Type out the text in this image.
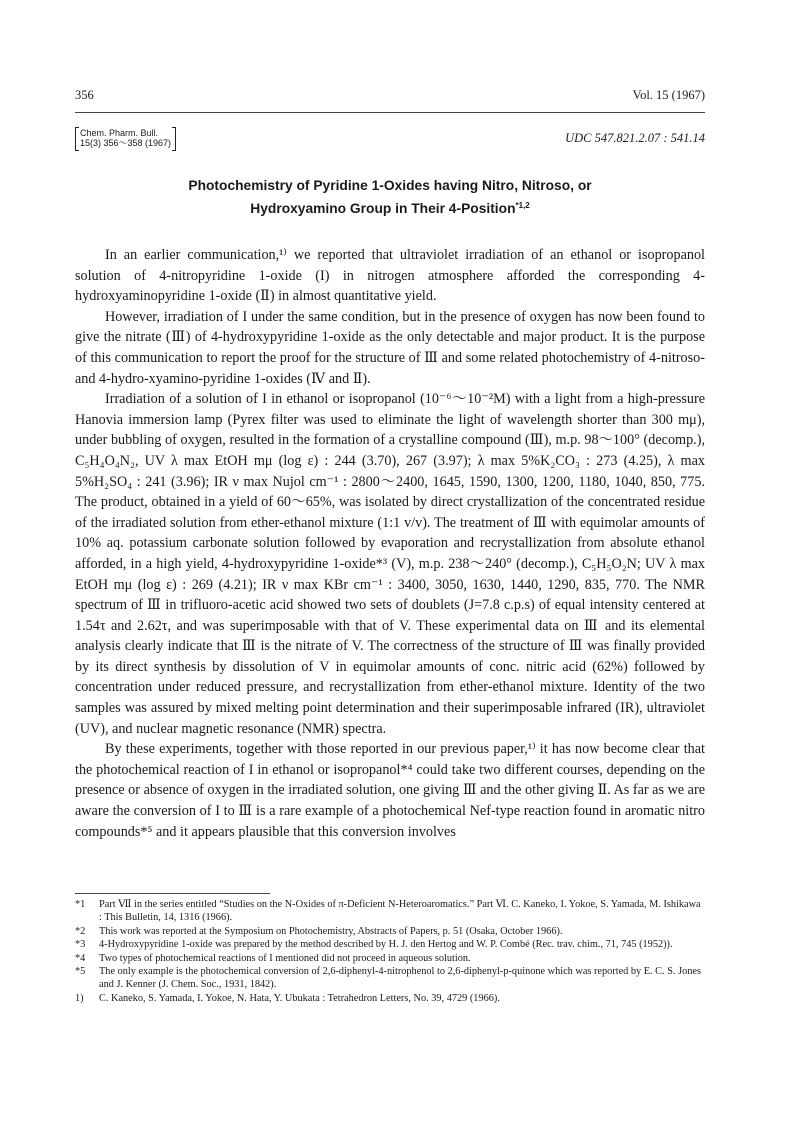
356	Vol. 15 (1967)
Chem. Pharm. Bull.
15(3) 356～358 (1967)	UDC 547.821.2.07 : 541.14
Photochemistry of Pyridine 1-Oxides having Nitro, Nitroso, or
Hydroxyamino Group in Their 4-Position$^{*1,2}$

In an earlier communication,¹⁾ we reported that ultraviolet irradiation of an ethanol or isopropanol solution of 4-nitropyridine 1-oxide (I) in nitrogen atmosphere afforded the corresponding 4-hydroxyaminopyridine 1-oxide (Ⅱ) in almost quantitative yield.

However, irradiation of I under the same condition, but in the presence of oxygen has now been found to give the nitrate (Ⅲ) of 4-hydroxypyridine 1-oxide as the only detectable and major product. It is the purpose of this communication to report the proof for the structure of Ⅲ and some related photochemistry of 4-nitroso- and 4-hydro-xyamino-pyridine 1-oxides (Ⅳ and Ⅱ).

Irradiation of a solution of I in ethanol or isopropanol (10⁻⁶～10⁻²M) with a light from a high-pressure Hanovia immersion lamp (Pyrex filter was used to eliminate the light of wavelength shorter than 300 mμ), under bubbling of oxygen, resulted in the formation of a crystalline compound (Ⅲ), m.p. 98～100° (decomp.), C₅H₄O₄N₂, UV λ max EtOH mμ (log ε) : 244 (3.70), 267 (3.97); λ max 5%K₂CO₃ : 273 (4.25), λ max 5%H₂SO₄ : 241 (3.96); IR ν max Nujol cm⁻¹ : 2800～2400, 1645, 1590, 1300, 1200, 1180, 1040, 850, 775. The product, obtained in a yield of 60～65%, was isolated by direct crystallization of the concentrated residue of the irradiated solution from ether-ethanol mixture (1:1 v/v). The treatment of Ⅲ with equimolar amounts of 10% aq. potassium carbonate solution followed by evaporation and recrystallization from absolute ethanol afforded, in a high yield, 4-hydroxypyridine 1-oxide*³ (V), m.p. 238～240° (decomp.), C₅H₅O₂N; UV λ max EtOH mμ (log ε) : 269 (4.21); IR ν max KBr cm⁻¹ : 3400, 3050, 1630, 1440, 1290, 835, 770. The NMR spectrum of Ⅲ in trifluoro-acetic acid showed two sets of doublets (J=7.8 c.p.s) of equal intensity centered at 1.54τ and 2.62τ, and was superimposable with that of V. These experimental data on Ⅲ and its elemental analysis clearly indicate that Ⅲ is the nitrate of V. The correctness of the structure of Ⅲ was finally provided by its direct synthesis by dissolution of V in equimolar amounts of conc. nitric acid (62%) followed by concentration under reduced pressure, and recrystallization from ether-ethanol mixture. Identity of the two samples was assured by mixed melting point determination and their superimposable infrared (IR), ultraviolet (UV), and nuclear magnetic resonance (NMR) spectra.

By these experiments, together with those reported in our previous paper,¹⁾ it has now become clear that the photochemical reaction of I in ethanol or isopropanol*⁴ could take two different courses, depending on the presence or absence of oxygen in the irradiated solution, one giving Ⅲ and the other giving Ⅱ. As far as we are aware the conversion of I to Ⅲ is a rare example of a photochemical Nef-type reaction found in aromatic nitro compounds*⁵ and it appears plausible that this conversion involves

*1 Part Ⅶ in the series entitled “Studies on the N-Oxides of π-Deficient N-Heteroaromatics.” Part Ⅵ. C. Kaneko, I. Yokoe, S. Yamada, M. Ishikawa : This Bulletin, 14, 1316 (1966).
*2 This work was reported at the Symposium on Photochemistry, Abstracts of Papers, p. 51 (Osaka, October 1966).
*3 4-Hydroxypyridine 1-oxide was prepared by the method described by H. J. den Hertog and W. P. Combé (Rec. trav. chim., 71, 745 (1952)).
*4 Two types of photochemical reactions of I mentioned did not proceed in aqueous solution.
*5 The only example is the photochemical conversion of 2,6-diphenyl-4-nitrophenol to 2,6-diphenyl-p-quinone which was reported by E. C. S. Jones and J. Kenner (J. Chem. Soc., 1931, 1842).
1) C. Kaneko, S. Yamada, I. Yokoe, N. Hata, Y. Ubukata : Tetrahedron Letters, No. 39, 4729 (1966).
